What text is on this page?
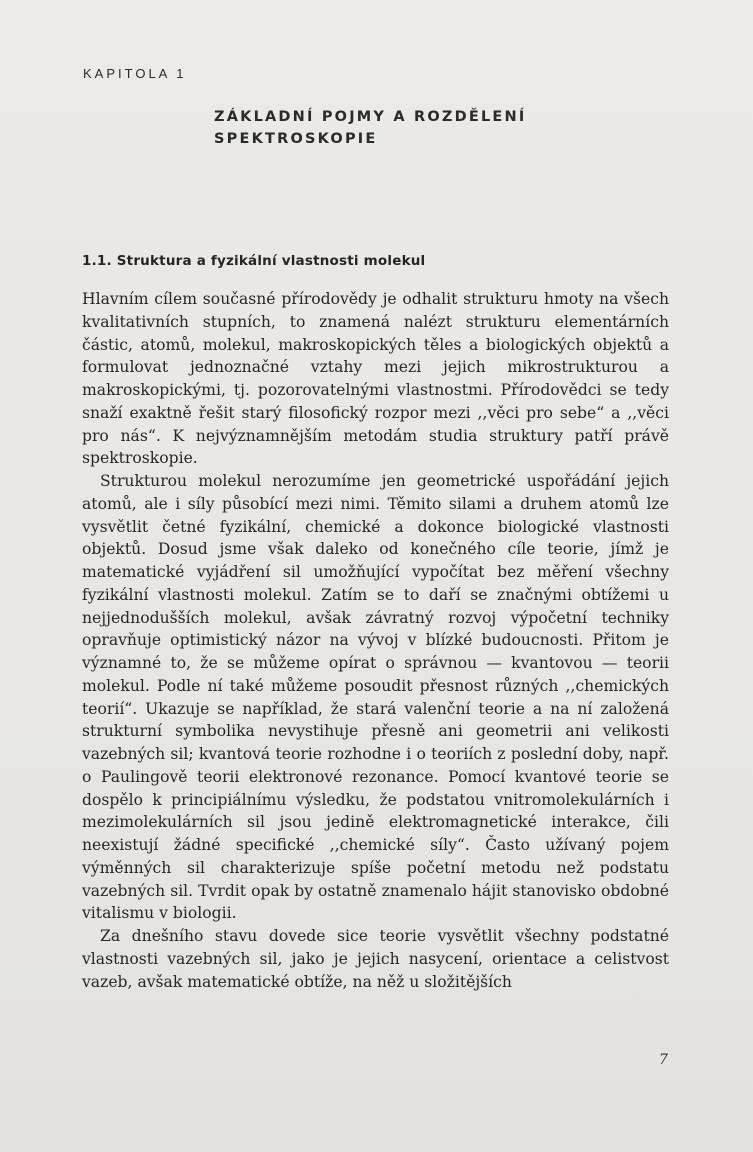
KAPITOLA 1
ZÁKLADNÍ POJMY A ROZDĚLENÍ SPEKTROSKOPIE
1.1. Struktura a fyzikální vlastnosti molekul

Hlavním cílem současné přírodovědy je odhalit strukturu hmoty na všech kvalitativních stupních, to znamená nalézt strukturu elementárních částic, atomů, molekul, makroskopických těles a biologických objektů a formulovat jednoznačné vztahy mezi jejich mikrostrukturou a makroskopickými, tj. pozorovatelnými vlastnostmi. Přírodovědci se tedy snaží exaktně řešit starý filosofický rozpor mezi ,,věci pro sebe“ a ,,věci pro nás“. K nejvýznamnějším metodám studia struktury patří právě spektroskopie.

Strukturou molekul nerozumíme jen geometrické uspořádání jejich atomů, ale i síly působící mezi nimi. Těmito silami a druhem atomů lze vysvětlit četné fyzikální, chemické a dokonce biologické vlastnosti objektů. Dosud jsme však daleko od konečného cíle teorie, jímž je matematické vyjádření sil umožňující vypočítat bez měření všechny fyzikální vlastnosti molekul. Zatím se to daří se značnými obtížemi u nejjednodušších molekul, avšak závratný rozvoj výpočetní techniky opravňuje optimistický názor na vývoj v blízké budoucnosti. Přitom je významné to, že se můžeme opírat o správnou — kvantovou — teorii molekul. Podle ní také můžeme posoudit přesnost různých ,,chemických teorií“. Ukazuje se například, že stará valenční teorie a na ní založená strukturní symbolika nevystihuje přesně ani geometrii ani velikosti vazebných sil; kvantová teorie rozhodne i o teoriích z poslední doby, např. o Paulingově teorii elektronové rezonance. Pomocí kvantové teorie se dospělo k principiálnímu výsledku, že podstatou vnitromolekulárních i mezimolekulárních sil jsou jedině elektromagnetické interakce, čili neexistují žádné specifické ,,chemické síly“. Často užívaný pojem výměnných sil charakterizuje spíše početní metodu než podstatu vazebných sil. Tvrdit opak by ostatně znamenalo hájit stanovisko obdobné vitalismu v biologii.

Za dnešního stavu dovede sice teorie vysvětlit všechny podstatné vlastnosti vazebných sil, jako je jejich nasycení, orientace a celistvost vazeb, avšak matematické obtíže, na něž u složitějších

7
